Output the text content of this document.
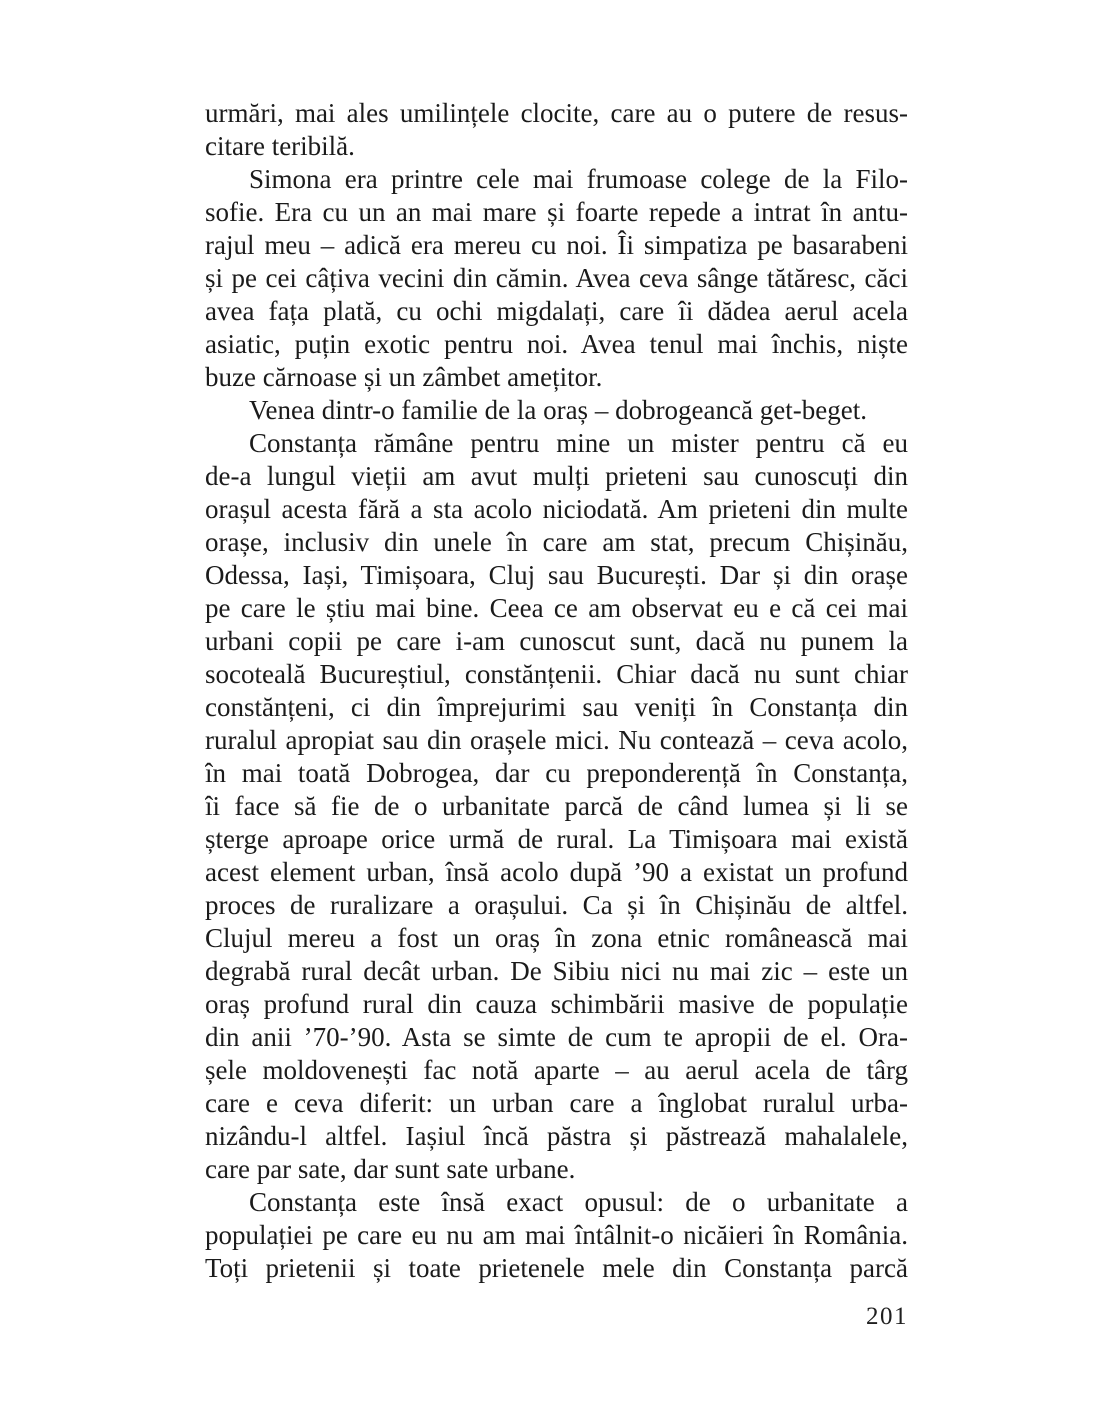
urmări, mai ales umilințele clocite, care au o putere de resus-
citare teribilă.
Simona era printre cele mai frumoase colege de la Filo-
sofie. Era cu un an mai mare și foarte repede a intrat în antu-
rajul meu – adică era mereu cu noi. Îi simpatiza pe basarabeni
și pe cei câțiva vecini din cămin. Avea ceva sânge tătăresc, căci
avea fața plată, cu ochi migdalați, care îi dădea aerul acela
asiatic, puțin exotic pentru noi. Avea tenul mai închis, niște
buze cărnoase și un zâmbet amețitor.
Venea dintr-o familie de la oraș – dobrogeancă get-beget.
Constanța rămâne pentru mine un mister pentru că eu
de-a lungul vieții am avut mulți prieteni sau cunoscuți din
orașul acesta fără a sta acolo niciodată. Am prieteni din multe
orașe, inclusiv din unele în care am stat, precum Chișinău,
Odessa, Iași, Timișoara, Cluj sau București. Dar și din orașe
pe care le știu mai bine. Ceea ce am observat eu e că cei mai
urbani copii pe care i-am cunoscut sunt, dacă nu punem la
socoteală Bucureștiul, constănțenii. Chiar dacă nu sunt chiar
constănțeni, ci din împrejurimi sau veniți în Constanța din
ruralul apropiat sau din orașele mici. Nu contează – ceva acolo,
în mai toată Dobrogea, dar cu preponderență în Constanța,
îi face să fie de o urbanitate parcă de când lumea și li se
șterge aproape orice urmă de rural. La Timișoara mai există
acest element urban, însă acolo după ’90 a existat un profund
proces de ruralizare a orașului. Ca și în Chișinău de altfel.
Clujul mereu a fost un oraș în zona etnic românească mai
degrabă rural decât urban. De Sibiu nici nu mai zic – este un
oraș profund rural din cauza schimbării masive de populație
din anii ’70-’90. Asta se simte de cum te apropii de el. Ora-
șele moldovenești fac notă aparte – au aerul acela de târg
care e ceva diferit: un urban care a înglobat ruralul urba-
nizându-l altfel. Iașiul încă păstra și păstrează mahalalele,
care par sate, dar sunt sate urbane.
Constanța este însă exact opusul: de o urbanitate a
populației pe care eu nu am mai întâlnit-o nicăieri în România.
Toți prietenii și toate prietenele mele din Constanța parcă
201
